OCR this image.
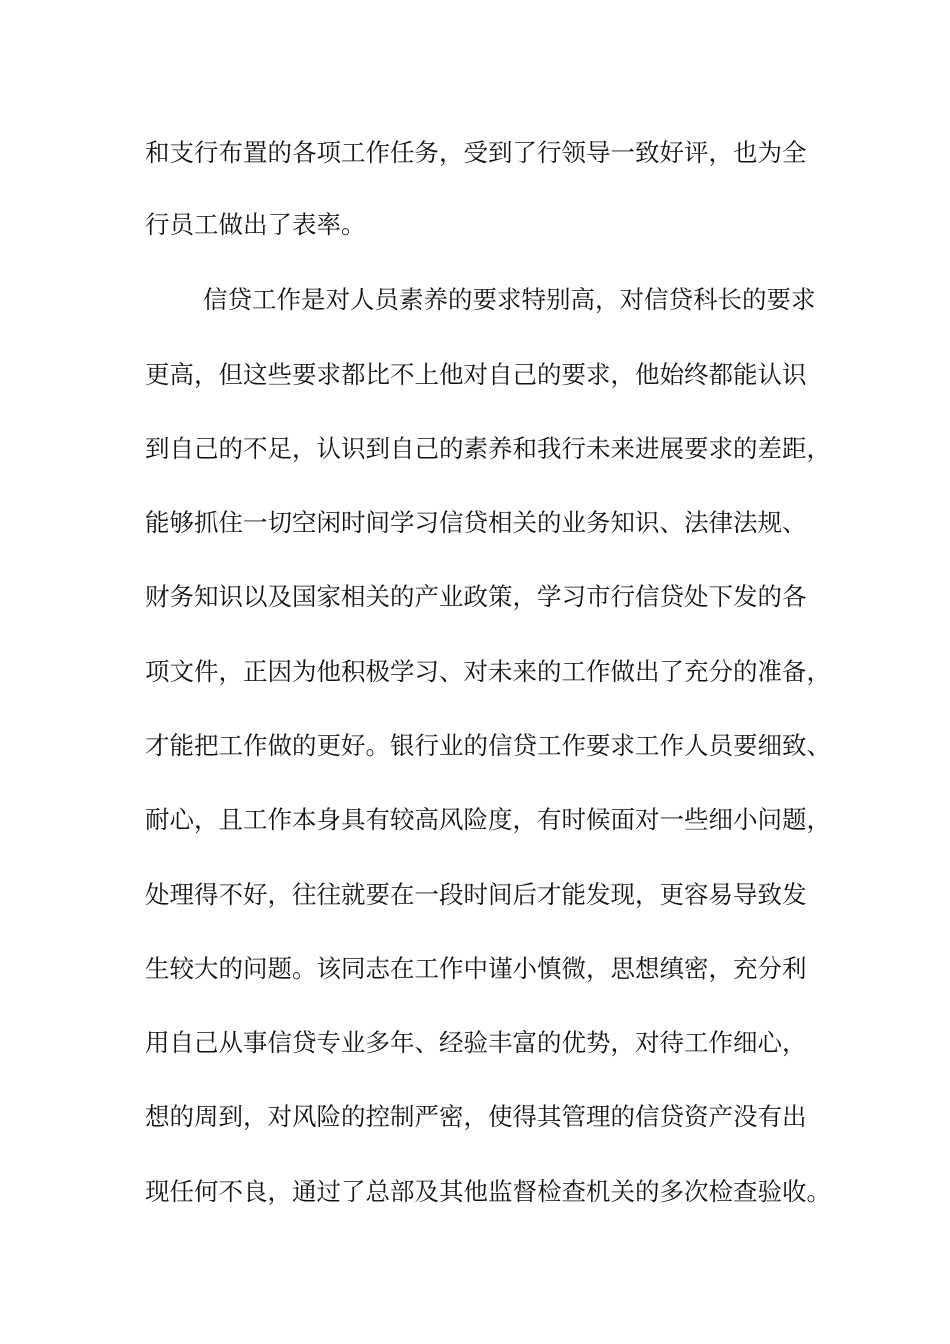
和支行布置的各项工作任务，受到了行领导一致好评，也为全
行员工做出了表率。
信贷工作是对人员素养的要求特别高，对信贷科长的要求
更高，但这些要求都比不上他对自己的要求，他始终都能认识
到自己的不足，认识到自己的素养和我行未来进展要求的差距，
能够抓住一切空闲时间学习信贷相关的业务知识、法律法规、
财务知识以及国家相关的产业政策，学习市行信贷处下发的各
项文件，正因为他积极学习、对未来的工作做出了充分的准备，
才能把工作做的更好。银行业的信贷工作要求工作人员要细致、
耐心，且工作本身具有较高风险度，有时候面对一些细小问题，
处理得不好，往往就要在一段时间后才能发现，更容易导致发
生较大的问题。该同志在工作中谨小慎微，思想缜密，充分利
用自己从事信贷专业多年、经验丰富的优势，对待工作细心，
想的周到，对风险的控制严密，使得其管理的信贷资产没有出
现任何不良，通过了总部及其他监督检查机关的多次检查验收。
